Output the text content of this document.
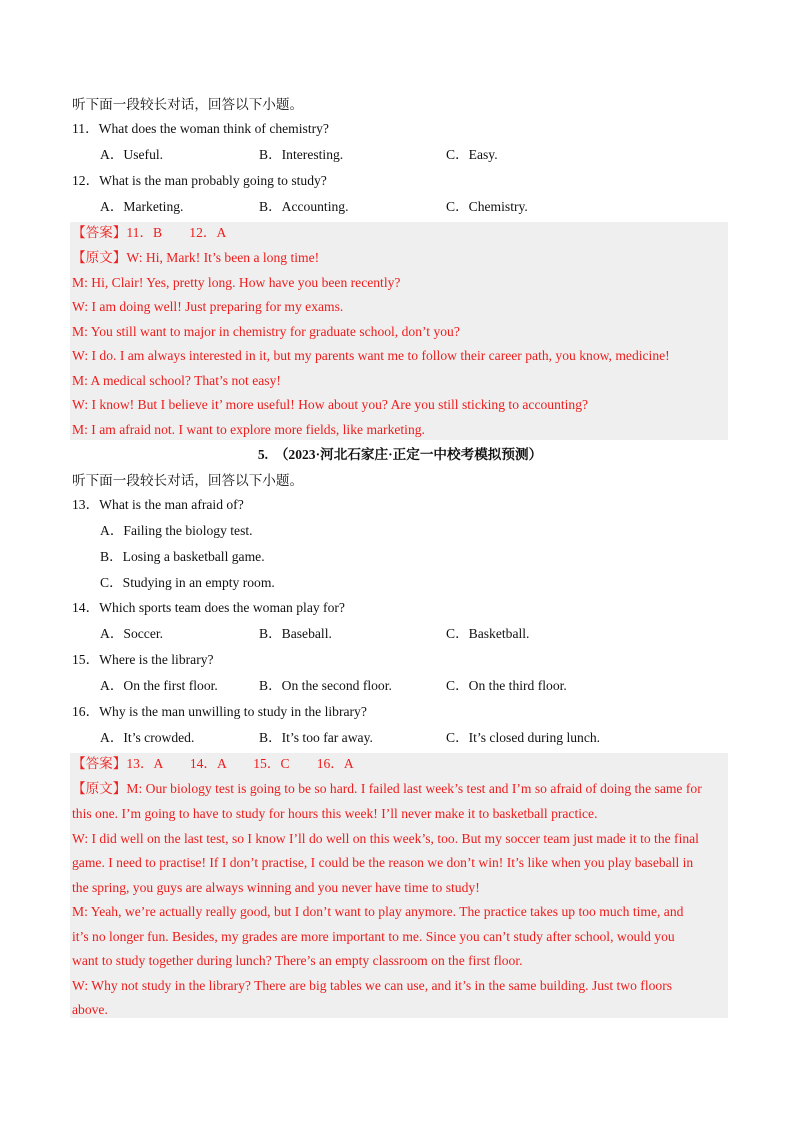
听下面一段较长对话，回答以下小题。
11．What does the woman think of chemistry?
A．Useful.	B．Interesting.	C．Easy.
12．What is the man probably going to study?
A．Marketing.	B．Accounting.	C．Chemistry.
【答案】11．B　　12．A
【原文】W: Hi, Mark! It’s been a long time!
M: Hi, Clair! Yes, pretty long. How have you been recently?
W: I am doing well! Just preparing for my exams.
M: You still want to major in chemistry for graduate school, don’t you?
W: I do. I am always interested in it, but my parents want me to follow their career path, you know, medicine!
M: A medical school? That’s not easy!
W: I know! But I believe it’ more useful! How about you? Are you still sticking to accounting?
M: I am afraid not. I want to explore more fields, like marketing.
5.　（2023·河北石家庄·正定一中校考模拟预测）
听下面一段较长对话，回答以下小题。
13．What is the man afraid of?
A．Failing the biology test.
B．Losing a basketball game.
C．Studying in an empty room.
14．Which sports team does the woman play for?
A．Soccer.	B．Baseball.	C．Basketball.
15．Where is the library?
A．On the first floor.	B．On the second floor.	C．On the third floor.
16．Why is the man unwilling to study in the library?
A．It’s crowded.	B．It’s too far away.	C．It’s closed during lunch.
【答案】13．A　　14．A　　15．C　　16．A
【原文】M: Our biology test is going to be so hard. I failed last week’s test and I’m so afraid of doing the same for
this one. I’m going to have to study for hours this week! I’ll never make it to basketball practice.
W: I did well on the last test, so I know I’ll do well on this week’s, too. But my soccer team just made it to the final
game. I need to practise! If I don’t practise, I could be the reason we don’t win! It’s like when you play baseball in
the spring, you guys are always winning and you never have time to study!
M: Yeah, we’re actually really good, but I don’t want to play anymore. The practice takes up too much time, and
it’s no longer fun. Besides, my grades are more important to me. Since you can’t study after school, would you
want to study together during lunch? There’s an empty classroom on the first floor.
W: Why not study in the library? There are big tables we can use, and it’s in the same building. Just two floors
above.
